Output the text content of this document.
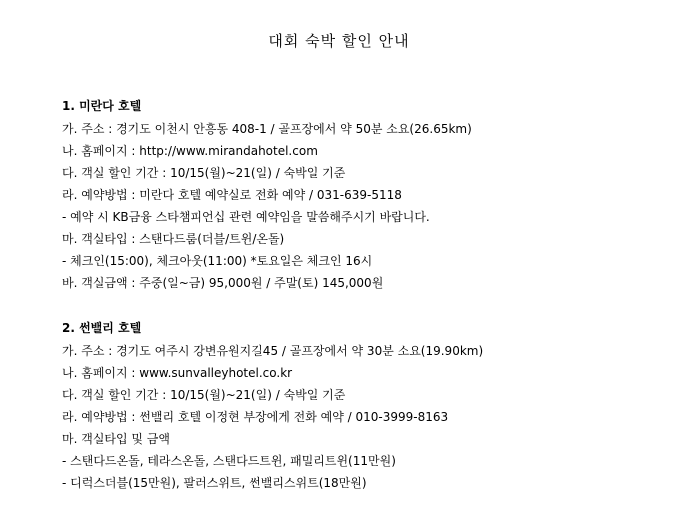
대회 숙박 할인 안내
1. 미란다 호텔
가. 주소 : 경기도 이천시 안흥동 408-1 / 골프장에서 약 50분 소요(26.65km)
나. 홈페이지 : http://www.mirandahotel.com
다. 객실 할인 기간 : 10/15(월)~21(일) / 숙박일 기준
라. 예약방법 : 미란다 호텔 예약실로 전화 예약 / 031-639-5118
- 예약 시 KB금융 스타챔피언십 관련 예약임을 말씀해주시기 바랍니다.
마. 객실타입 : 스탠다드룸(더블/트윈/온돌)
- 체크인(15:00), 체크아웃(11:00) *토요일은 체크인 16시
바. 객실금액 : 주중(일~금) 95,000원 / 주말(토) 145,000원
2. 썬밸리 호텔
가. 주소 : 경기도 여주시 강변유원지길45 / 골프장에서 약 30분 소요(19.90km)
나. 홈페이지 : www.sunvalleyhotel.co.kr
다. 객실 할인 기간 : 10/15(월)~21(일) / 숙박일 기준
라. 예약방법 : 썬밸리 호텔 이정현 부장에게 전화 예약 / 010-3999-8163
마. 객실타입 및 금액
- 스탠다드온돌, 테라스온돌, 스탠다드트윈, 패밀리트윈(11만원)
- 디럭스더블(15만원), 팔러스위트, 썬밸리스위트(18만원)
